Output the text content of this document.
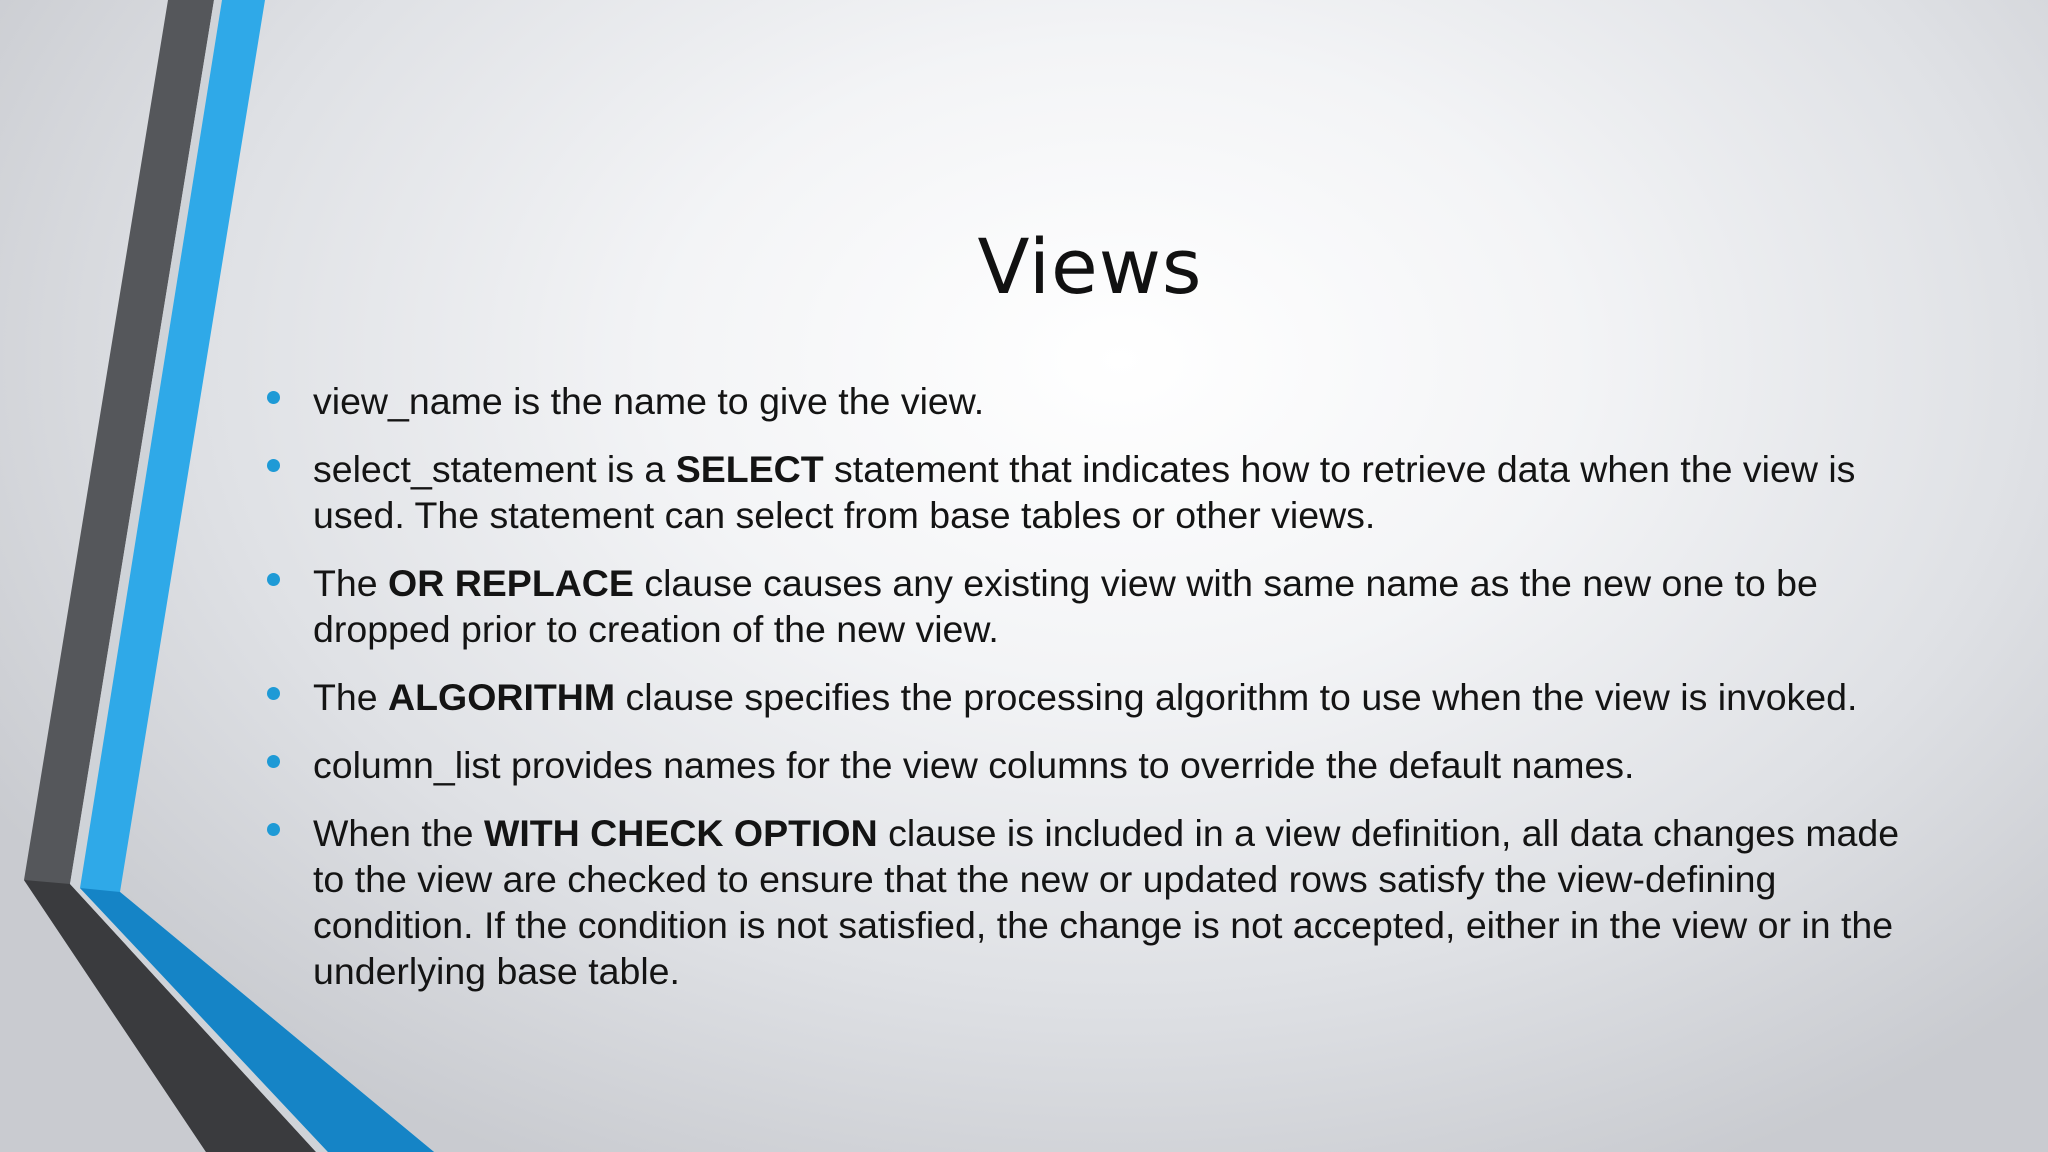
Views
view_name is the name to give the view.
select_statement is a SELECT statement that indicates how to retrieve data when the view is used. The statement can select from base tables or other views.
The OR REPLACE clause causes any existing view with same name as the new one to be dropped prior to creation of the new view.
The ALGORITHM clause specifies the processing algorithm to use when the view is invoked.
column_list provides names for the view columns to override the default names.
When the WITH CHECK OPTION clause is included in a view definition, all data changes made to the view are checked to ensure that the new or updated rows satisfy the view-defining condition. If the condition is not satisfied, the change is not accepted, either in the view or in the underlying base table.
